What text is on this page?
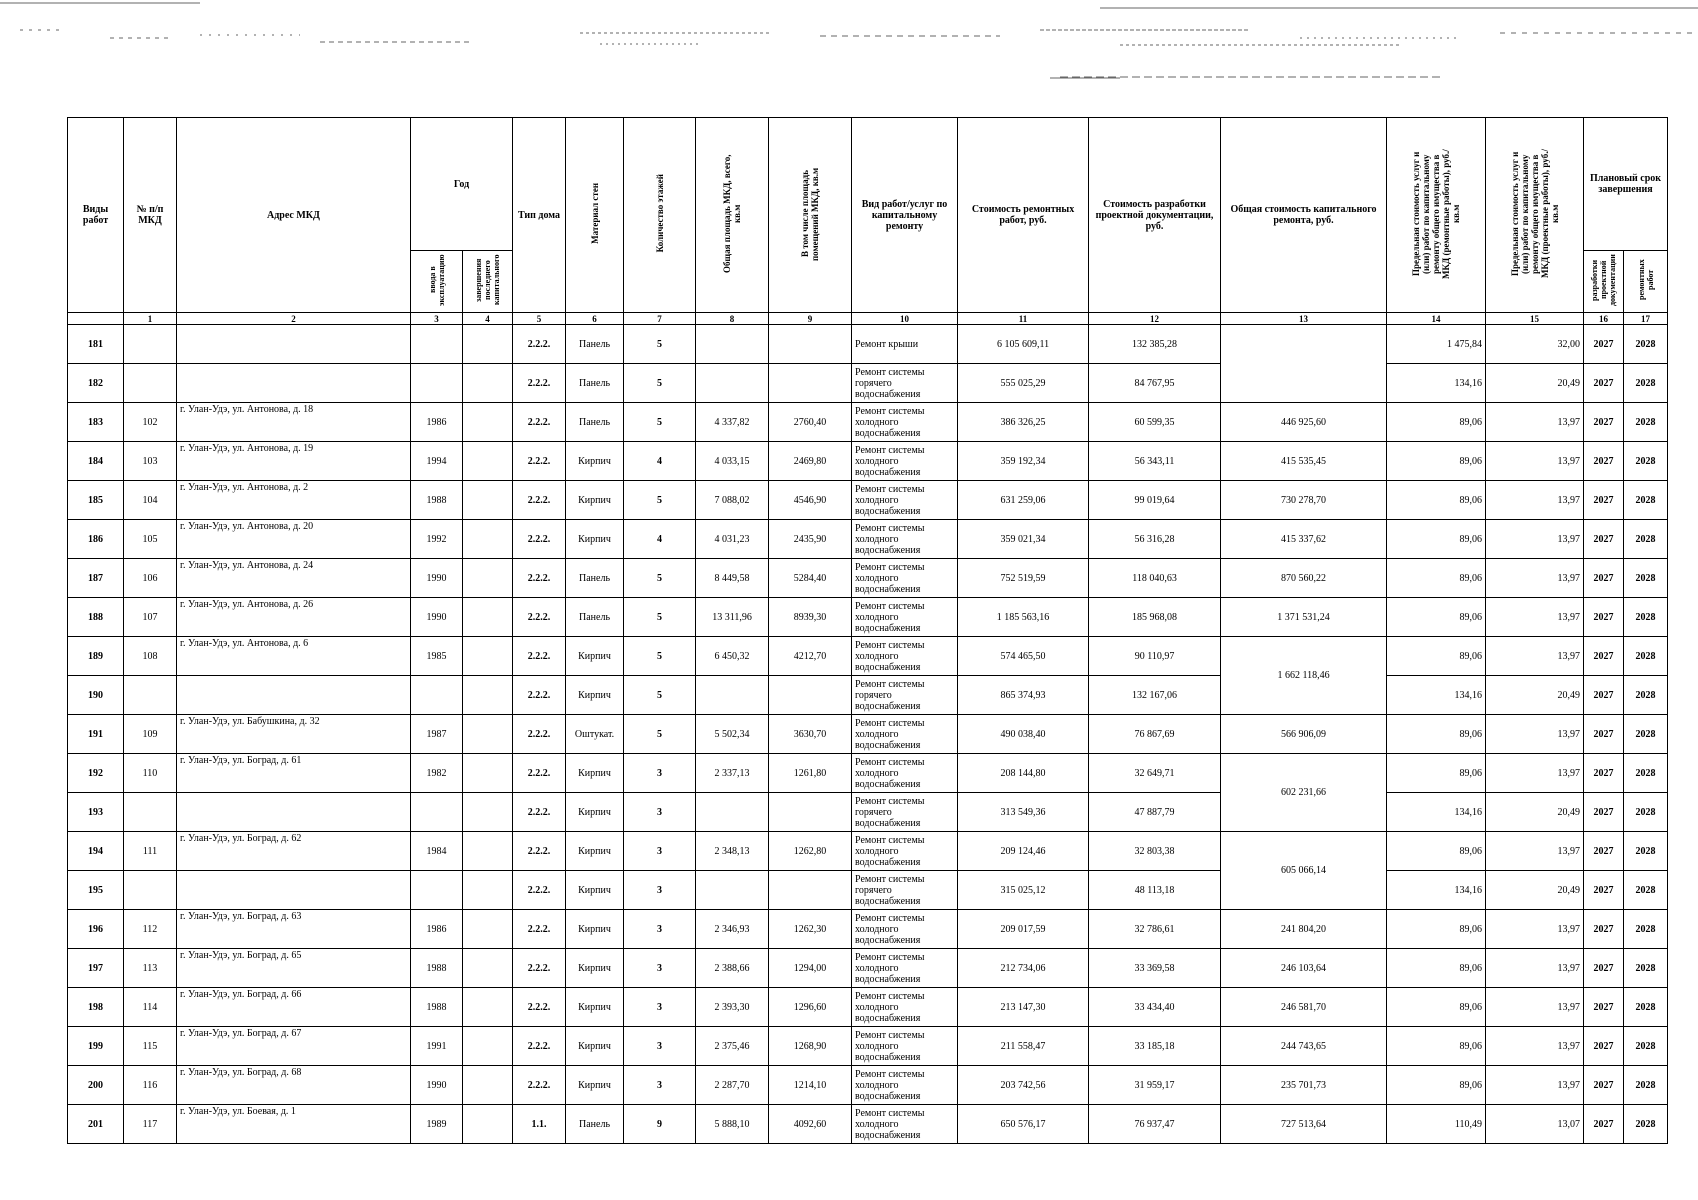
Виды работ	№ п/п МКД	Адрес МКД	Год		Тип дома	Материал стен	Количество этажей	Общая площадь МКД, всего, кв.м	В том числе площадь помещений МКД, кв.м	Вид работ/услуг по капитальному ремонту	Стоимость ремонтных работ, руб.	Стоимость разработки проектной документации, руб.	Общая стоимость капитального ремонта, руб.	Предельная стоимость услуг и (или) работ по капитальному ремонту общего имущества в МКД (ремонтные работы), руб./кв.м	Предельная стоимость услуг и (или) работ по капитальному ремонту общего имущества в МКД (проектные работы), руб./кв.м	Плановый срок завершения	
			ввода в эксплуатацию	завершения последнего капитального												разработки проектной документации	ремонтных работ
	1	2	3	4	5	6	7	8	9	10	11	12	13	14	15	16	17
181					2.2.2.	Панель	5			Ремонт крыши	6 105 609,11	132 385,28		1 475,84	32,00	2027	2028
182					2.2.2.	Панель	5			Ремонт системы горячего водоснабжения	555 025,29	84 767,95		134,16	20,49	2027	2028
183	102	г. Улан-Удэ, ул. Антонова, д. 18	1986		2.2.2.	Панель	5	4 337,82	2760,40	Ремонт системы холодного водоснабжения	386 326,25	60 599,35	446 925,60	89,06	13,97	2027	2028
184	103	г. Улан-Удэ, ул. Антонова, д. 19	1994		2.2.2.	Кирпич	4	4 033,15	2469,80	Ремонт системы холодного водоснабжения	359 192,34	56 343,11	415 535,45	89,06	13,97	2027	2028
185	104	г. Улан-Удэ, ул. Антонова, д. 2	1988		2.2.2.	Кирпич	5	7 088,02	4546,90	Ремонт системы холодного водоснабжения	631 259,06	99 019,64	730 278,70	89,06	13,97	2027	2028
186	105	г. Улан-Удэ, ул. Антонова, д. 20	1992		2.2.2.	Кирпич	4	4 031,23	2435,90	Ремонт системы холодного водоснабжения	359 021,34	56 316,28	415 337,62	89,06	13,97	2027	2028
187	106	г. Улан-Удэ, ул. Антонова, д. 24	1990		2.2.2.	Панель	5	8 449,58	5284,40	Ремонт системы холодного водоснабжения	752 519,59	118 040,63	870 560,22	89,06	13,97	2027	2028
188	107	г. Улан-Удэ, ул. Антонова, д. 26	1990		2.2.2.	Панель	5	13 311,96	8939,30	Ремонт системы холодного водоснабжения	1 185 563,16	185 968,08	1 371 531,24	89,06	13,97	2027	2028
189	108	г. Улан-Удэ, ул. Антонова, д. 6	1985		2.2.2.	Кирпич	5	6 450,32	4212,70	Ремонт системы холодного водоснабжения	574 465,50	90 110,97	1 662 118,46	89,06	13,97	2027	2028
190					2.2.2.	Кирпич	5			Ремонт системы горячего водоснабжения	865 374,93	132 167,06		134,16	20,49	2027	2028
191	109	г. Улан-Удэ, ул. Бабушкина, д. 32	1987		2.2.2.	Оштукат.	5	5 502,34	3630,70	Ремонт системы холодного водоснабжения	490 038,40	76 867,69	566 906,09	89,06	13,97	2027	2028
192	110	г. Улан-Удэ, ул. Боград, д. 61	1982		2.2.2.	Кирпич	3	2 337,13	1261,80	Ремонт системы холодного водоснабжения	208 144,80	32 649,71	602 231,66	89,06	13,97	2027	2028
193					2.2.2.	Кирпич	3			Ремонт системы горячего водоснабжения	313 549,36	47 887,79		134,16	20,49	2027	2028
194	111	г. Улан-Удэ, ул. Боград, д. 62	1984		2.2.2.	Кирпич	3	2 348,13	1262,80	Ремонт системы холодного водоснабжения	209 124,46	32 803,38	605 066,14	89,06	13,97	2027	2028
195					2.2.2.	Кирпич	3			Ремонт системы горячего водоснабжения	315 025,12	48 113,18		134,16	20,49	2027	2028
196	112	г. Улан-Удэ, ул. Боград, д. 63	1986		2.2.2.	Кирпич	3	2 346,93	1262,30	Ремонт системы холодного водоснабжения	209 017,59	32 786,61	241 804,20	89,06	13,97	2027	2028
197	113	г. Улан-Удэ, ул. Боград, д. 65	1988		2.2.2.	Кирпич	3	2 388,66	1294,00	Ремонт системы холодного водоснабжения	212 734,06	33 369,58	246 103,64	89,06	13,97	2027	2028
198	114	г. Улан-Удэ, ул. Боград, д. 66	1988		2.2.2.	Кирпич	3	2 393,30	1296,60	Ремонт системы холодного водоснабжения	213 147,30	33 434,40	246 581,70	89,06	13,97	2027	2028
199	115	г. Улан-Удэ, ул. Боград, д. 67	1991		2.2.2.	Кирпич	3	2 375,46	1268,90	Ремонт системы холодного водоснабжения	211 558,47	33 185,18	244 743,65	89,06	13,97	2027	2028
200	116	г. Улан-Удэ, ул. Боград, д. 68	1990		2.2.2.	Кирпич	3	2 287,70	1214,10	Ремонт системы холодного водоснабжения	203 742,56	31 959,17	235 701,73	89,06	13,97	2027	2028
201	117	г. Улан-Удэ, ул. Боевая, д. 1	1989		1.1.	Панель	9	5 888,10	4092,60	Ремонт системы холодного водоснабжения	650 576,17	76 937,47	727 513,64	110,49	13,07	2027	2028
